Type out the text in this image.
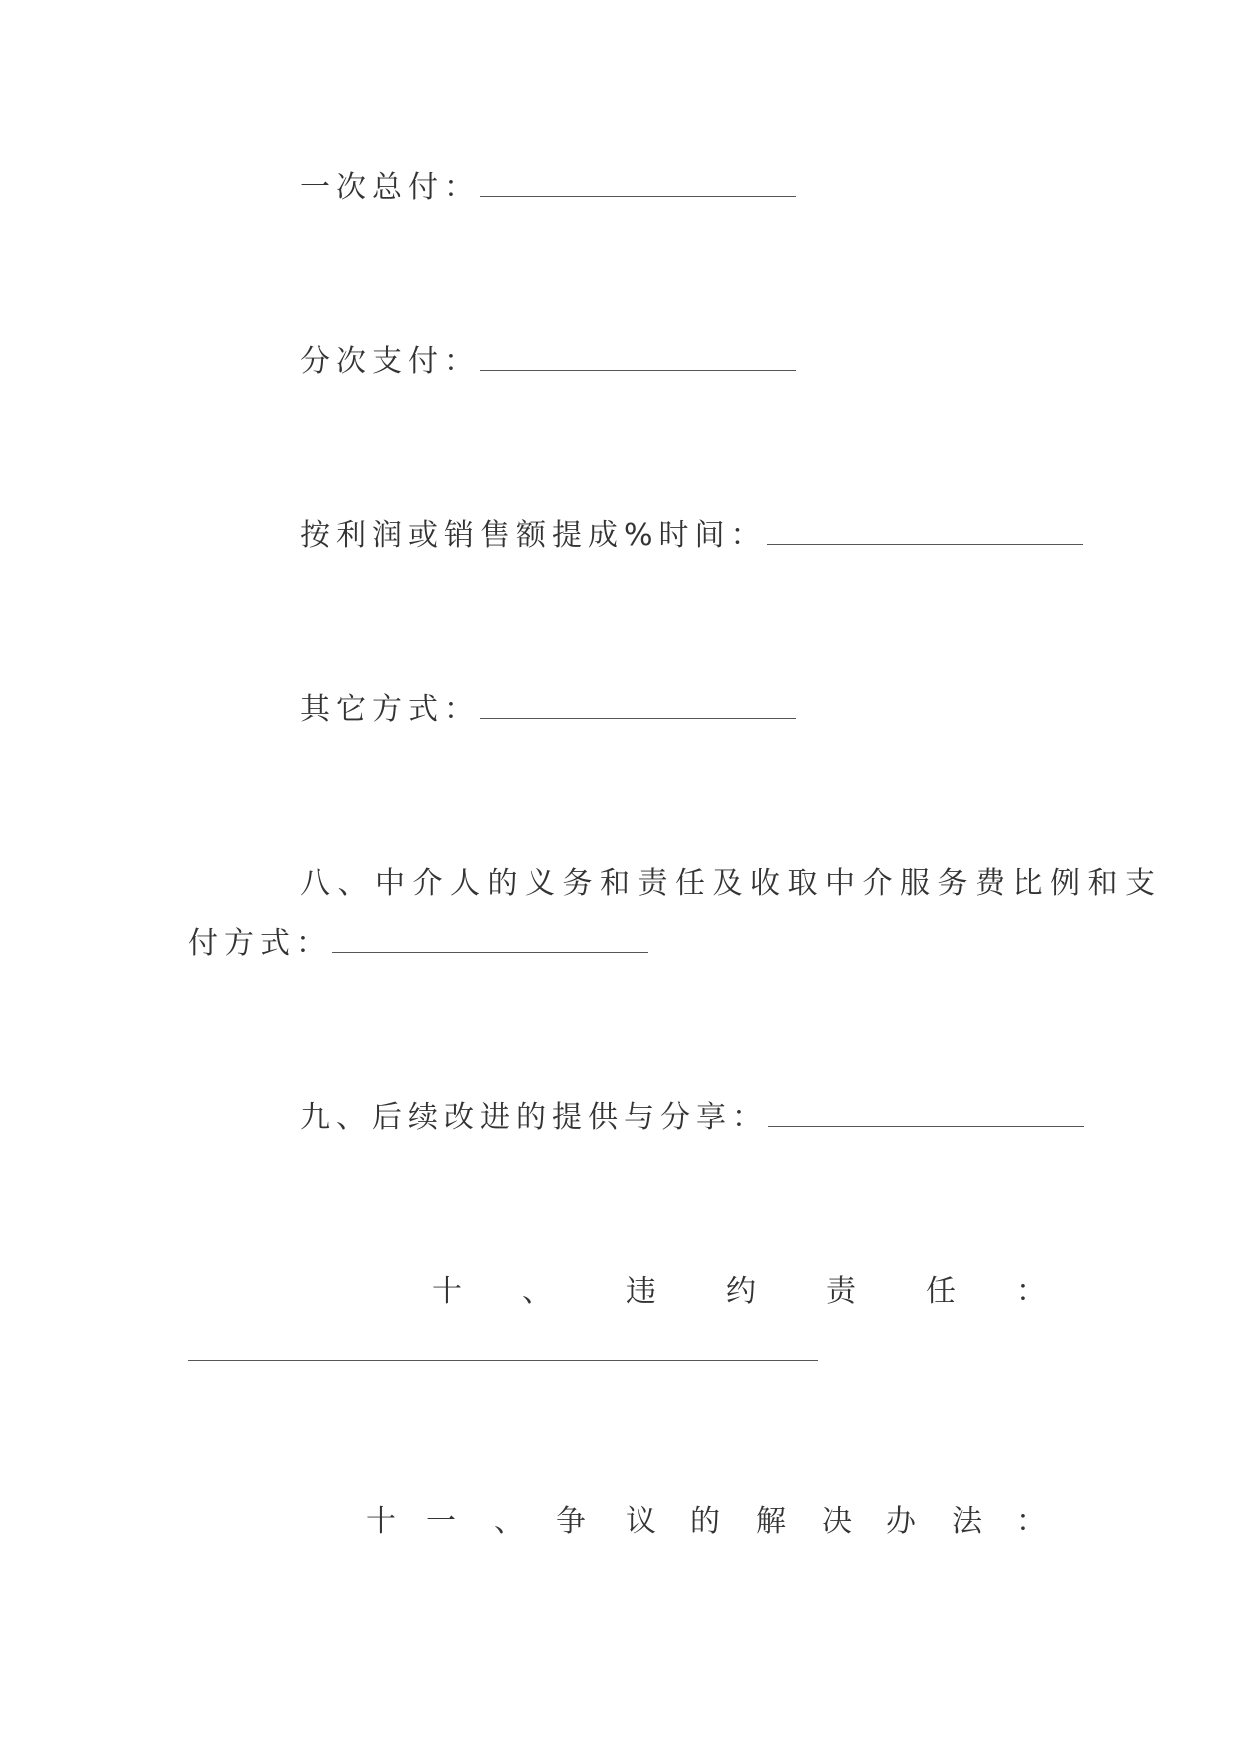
一次总付：
分次支付：
按利润或销售额提成%时间：
其它方式：
八、中介人的义务和责任及收取中介服务费比例和支
付方式：
九、后续改进的提供与分享：
十 、 违 约 责 任 ：
十 一 、 争 议 的 解 决 办 法 ：
